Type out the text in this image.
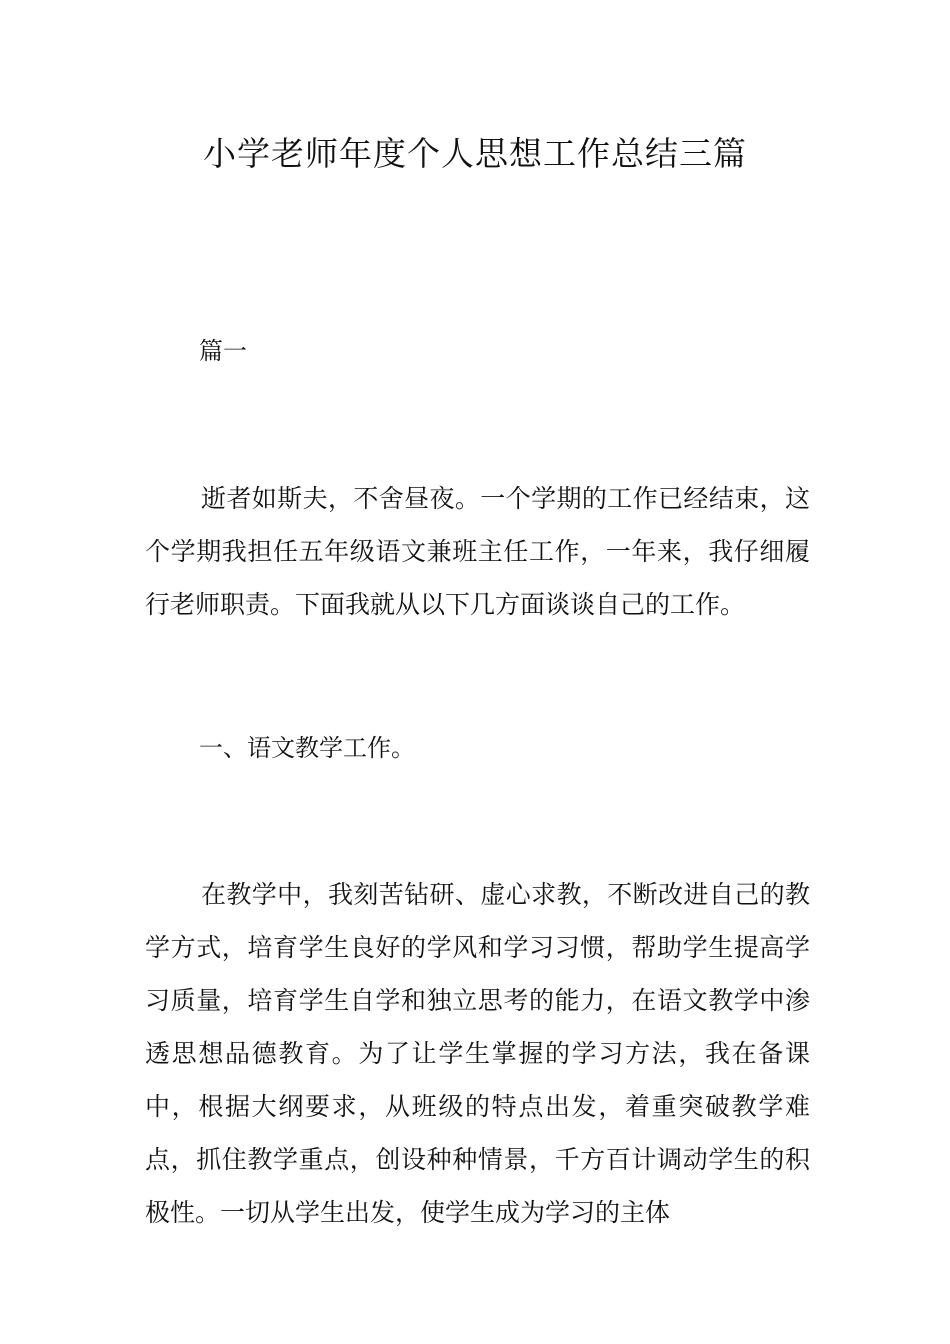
小学老师年度个人思想工作总结三篇
篇一
逝者如斯夫，不舍昼夜。一个学期的工作已经结束，这个学期我担任五年级语文兼班主任工作，一年来，我仔细履行老师职责。下面我就从以下几方面谈谈自己的工作。
一、语文教学工作。
在教学中，我刻苦钻研、虚心求教，不断改进自己的教学方式，培育学生良好的学风和学习习惯，帮助学生提高学习质量，培育学生自学和独立思考的能力，在语文教学中渗透思想品德教育。为了让学生掌握的学习方法，我在备课中，根据大纲要求，从班级的特点出发，着重突破教学难点，抓住教学重点，创设种种情景，千方百计调动学生的积极性。一切从学生出发，使学生成为学习的主体
